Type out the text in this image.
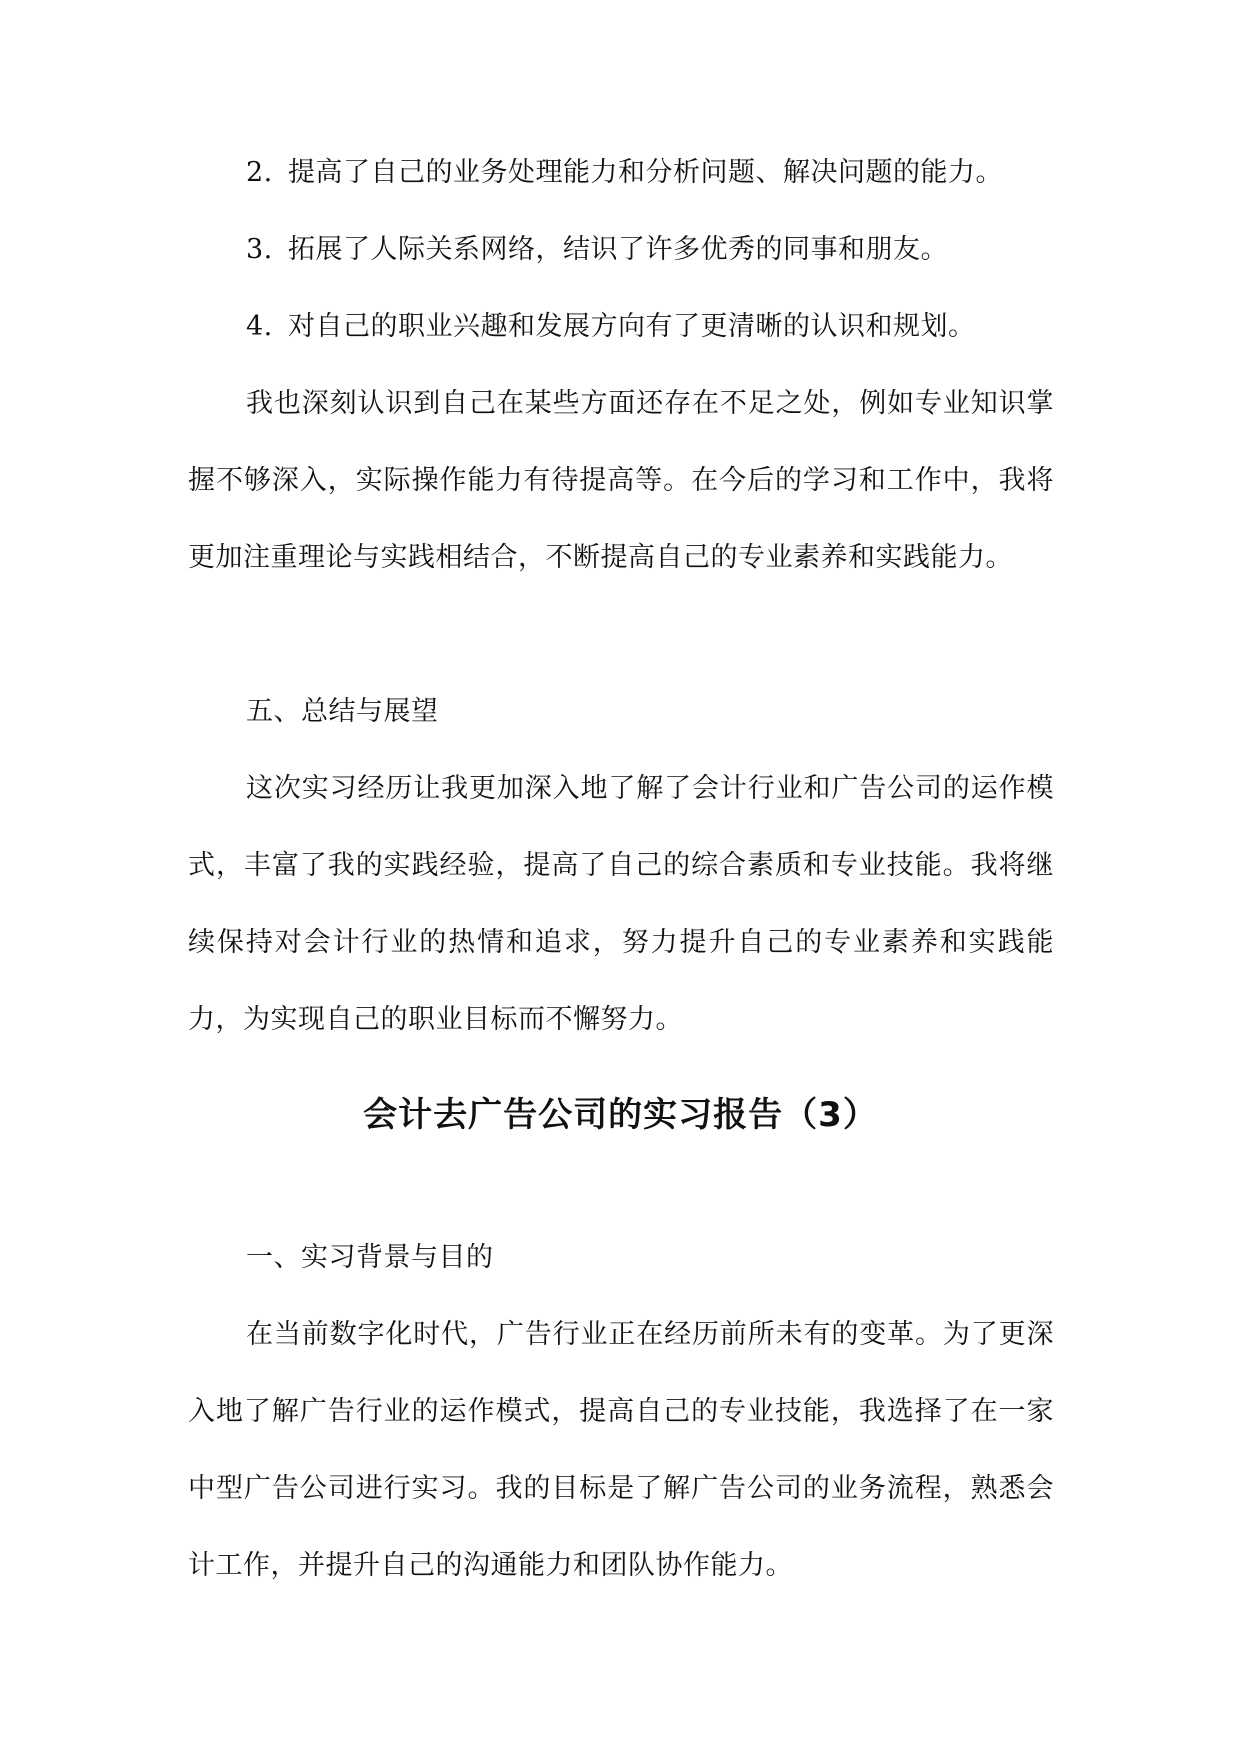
2. 提高了自己的业务处理能力和分析问题、解决问题的能力。
3. 拓展了人际关系网络，结识了许多优秀的同事和朋友。
4. 对自己的职业兴趣和发展方向有了更清晰的认识和规划。

我也深刻认识到自己在某些方面还存在不足之处，例如专业知识掌握不够深入，实际操作能力有待提高等。在今后的学习和工作中，我将更加注重理论与实践相结合，不断提高自己的专业素养和实践能力。

五、总结与展望

这次实习经历让我更加深入地了解了会计行业和广告公司的运作模式，丰富了我的实践经验，提高了自己的综合素质和专业技能。我将继续保持对会计行业的热情和追求，努力提升自己的专业素养和实践能力，为实现自己的职业目标而不懈努力。

会计去广告公司的实习报告（3）
一、实习背景与目的

在当前数字化时代，广告行业正在经历前所未有的变革。为了更深入地了解广告行业的运作模式，提高自己的专业技能，我选择了在一家中型广告公司进行实习。我的目标是了解广告公司的业务流程，熟悉会计工作，并提升自己的沟通能力和团队协作能力。
